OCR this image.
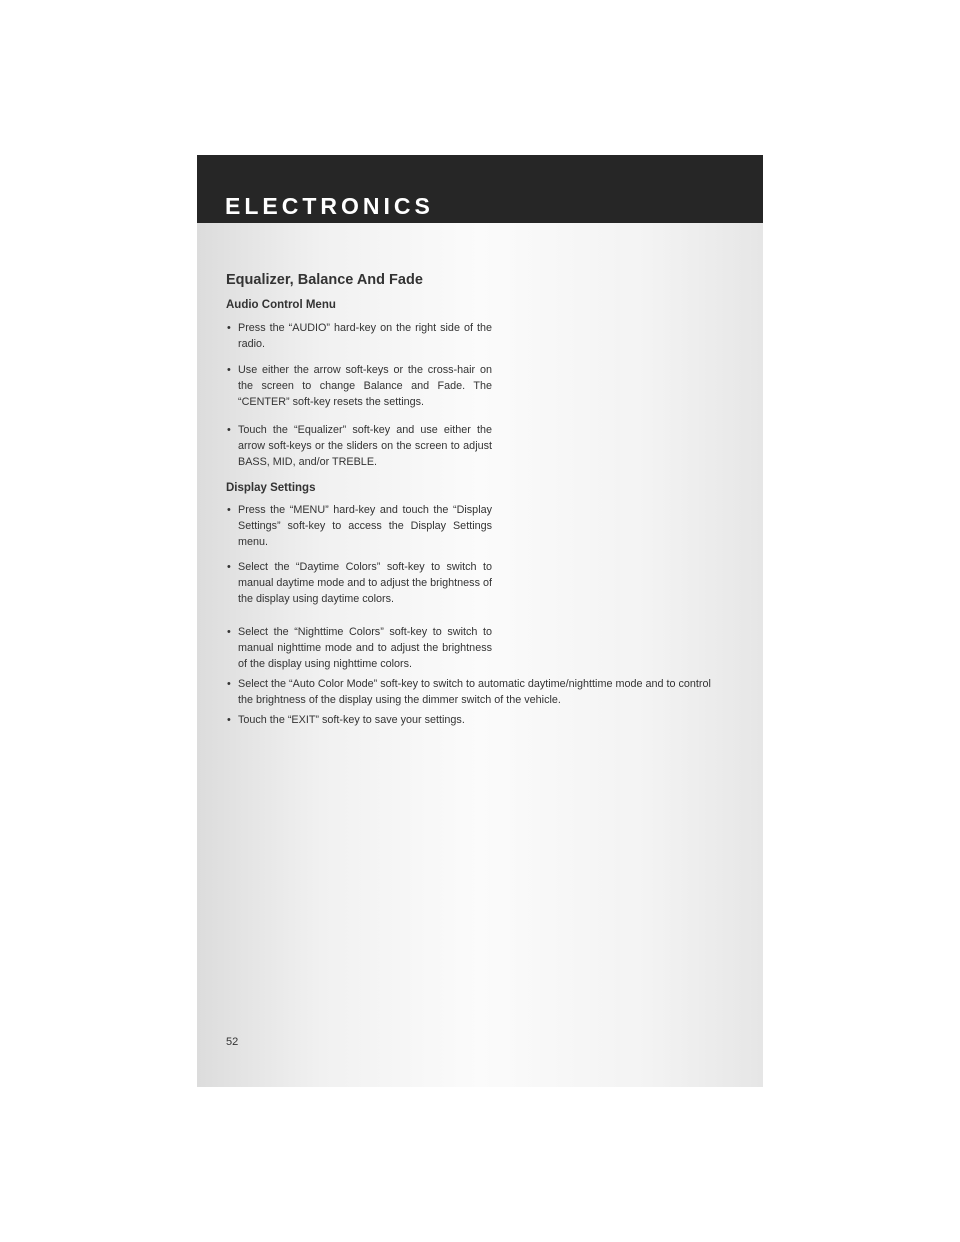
ELECTRONICS
Equalizer, Balance And Fade
Audio Control Menu
• Press the “AUDIO” hard-key on the right side of the radio.
• Use either the arrow soft-keys or the cross-hair on the screen to change Balance and Fade. The “CENTER” soft-key resets the settings.
• Touch the “Equalizer” soft-key and use either the arrow soft-keys or the sliders on the screen to adjust BASS, MID, and/or TREBLE.
Display Settings
• Press the “MENU” hard-key and touch the “Display Settings” soft-key to access the Display Settings menu.
• Select the “Daytime Colors” soft-key to switch to manual daytime mode and to adjust the brightness of the display using daytime colors.
• Select the “Nighttime Colors” soft-key to switch to manual nighttime mode and to adjust the brightness of the display using nighttime colors.
• Select the “Auto Color Mode” soft-key to switch to automatic daytime/nighttime mode and to control the brightness of the display using the dimmer switch of the vehicle.
• Touch the “EXIT” soft-key to save your settings.
52
